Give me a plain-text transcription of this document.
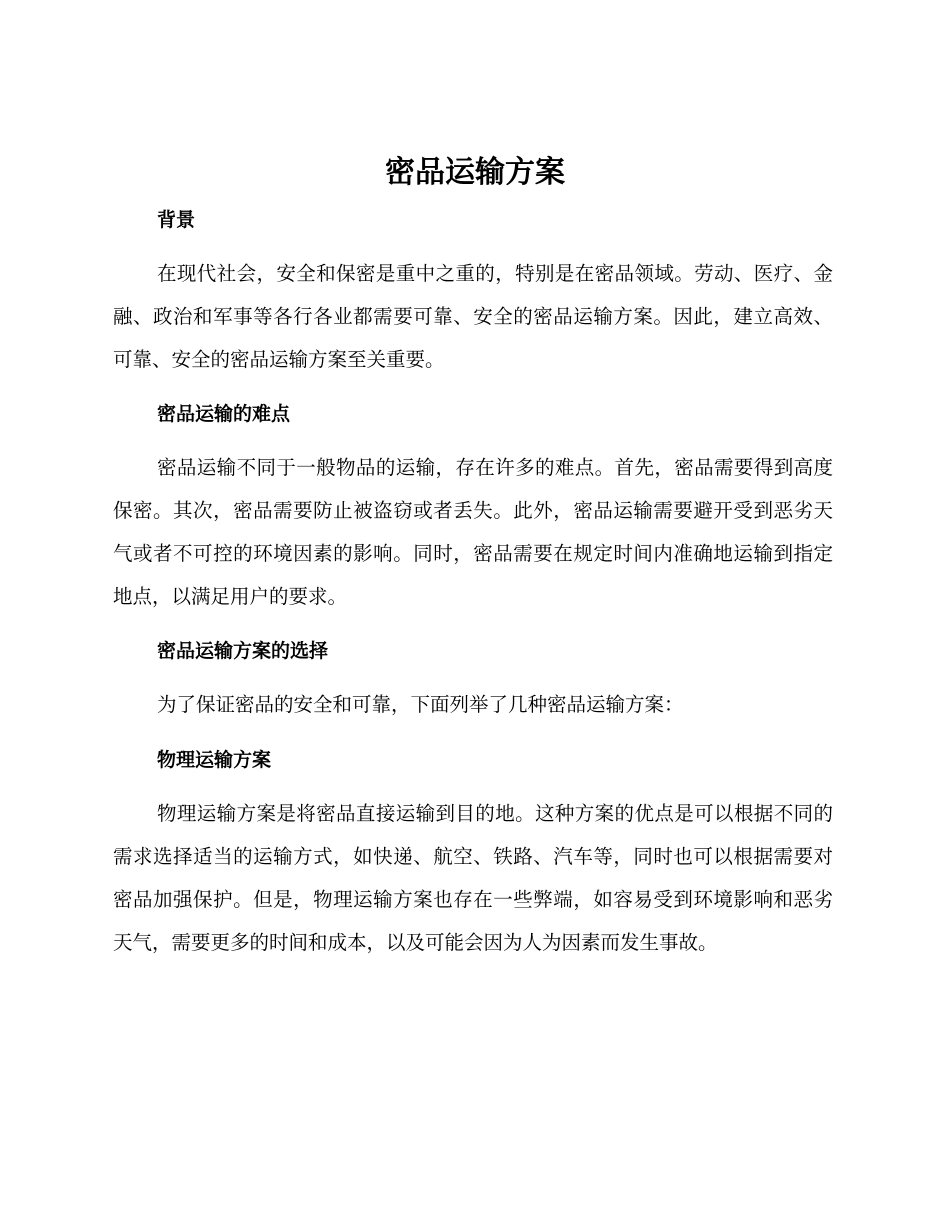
密品运输方案
背景

在现代社会，安全和保密是重中之重的，特别是在密品领域。劳动、医疗、金融、政治和军事等各行各业都需要可靠、安全的密品运输方案。因此，建立高效、可靠、安全的密品运输方案至关重要。

密品运输的难点

密品运输不同于一般物品的运输，存在许多的难点。首先，密品需要得到高度保密。其次，密品需要防止被盗窃或者丢失。此外，密品运输需要避开受到恶劣天气或者不可控的环境因素的影响。同时，密品需要在规定时间内准确地运输到指定地点，以满足用户的要求。

密品运输方案的选择

为了保证密品的安全和可靠，下面列举了几种密品运输方案：

物理运输方案

物理运输方案是将密品直接运输到目的地。这种方案的优点是可以根据不同的需求选择适当的运输方式，如快递、航空、铁路、汽车等，同时也可以根据需要对密品加强保护。但是，物理运输方案也存在一些弊端，如容易受到环境影响和恶劣天气，需要更多的时间和成本，以及可能会因为人为因素而发生事故。
